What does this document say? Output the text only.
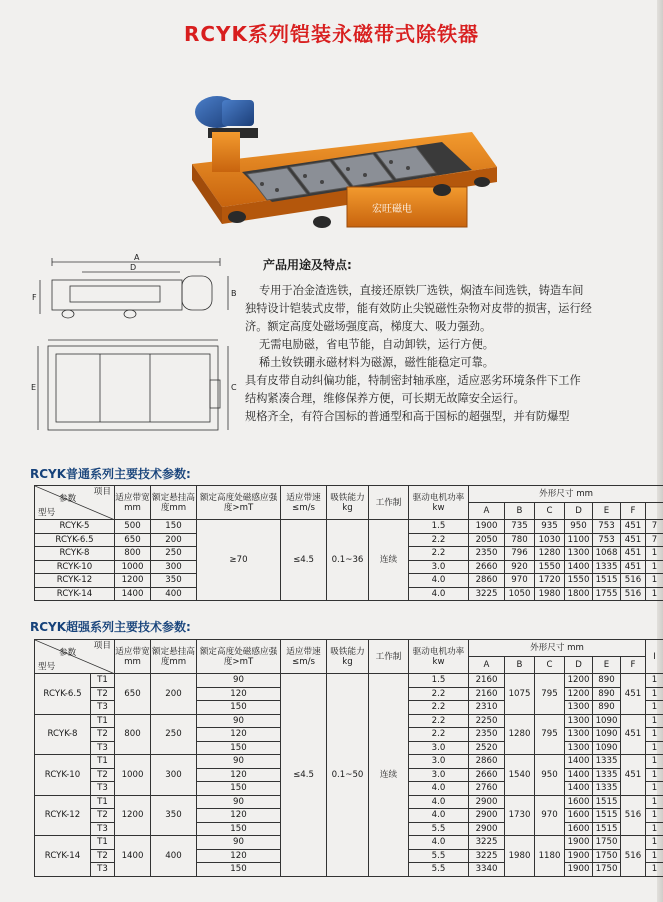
RCYK系列铠装永磁带式除铁器
宏旺磁电
A
D
B
F
E	C
产品用途及特点:

专用于冶金渣选铁，直接还原铁厂选铁，焖渣车间选铁，铸造车间

独特设计铠装式皮带，能有效防止尖锐磁性杂物对皮带的损害，运行经

济。额定高度处磁场强度高，梯度大、吸力强劲。

无需电励磁，省电节能，自动卸铁，运行方便。

稀土钕铁硼永磁材料为磁源，磁性能稳定可靠。

具有皮带自动纠偏功能，特制密封轴承座，适应恶劣环境条件下工作

结构紧凑合理，维修保养方便，可长期无故障安全运行。

规格齐全，有符合国标的普通型和高于国标的超强型，并有防爆型

RCYK普通系列主要技术参数:
项目
参数
型号	适应带宽mm	额定悬挂高度mm	额定高度处磁感应强度>mT	适应带速≤m/s	吸铁能力kg	工作制	驱动电机功率kw	外形尺寸 mm						
								A	B	C	D	E	F	
RCYK-5	500	150	≥70	≤4.5	0.1~36	连续	1.5	1900	735	935	950	753	451	7
RCYK-6.5	650	200					2.2	2050	780	1030	1100	753	451	7
RCYK-8	800	250					2.2	2350	796	1280	1300	1068	451	1
RCYK-10	1000	300					3.0	2660	920	1550	1400	1335	451	1
RCYK-12	1200	350					4.0	2860	970	1720	1550	1515	516	1
RCYK-14	1400	400					4.0	3225	1050	1980	1800	1755	516	1
RCYK超强系列主要技术参数:
项目
参数
型号		适应带宽mm	额定悬挂高度mm	额定高度处磁感应强度>mT	适应带速≤m/s	吸铁能力kg	工作制	驱动电机功率kw	外形尺寸 mm						I
									A	B	C	D	E	F	
RCYK-6.5	T1	650	200	90	≤4.5	0.1~50	连续	1.5	2160	1075	795	1200	890	451	1
	T2			120				2.2	2160			1200	890		1
	T3			150				2.2	2310			1300	890		1
RCYK-8	T1	800	250	90				2.2	2250	1280	795	1300	1090	451	1
	T2			120				2.2	2350			1300	1090		1
	T3			150				3.0	2520			1300	1090		1
RCYK-10	T1	1000	300	90				3.0	2860	1540	950	1400	1335	451	1
	T2			120				3.0	2660			1400	1335		1
	T3			150				4.0	2760			1400	1335		1
RCYK-12	T1	1200	350	90				4.0	2900	1730	970	1600	1515	516	1
	T2			120				4.0	2900			1600	1515		1
	T3			150				5.5	2900			1600	1515		1
RCYK-14	T1	1400	400	90				4.0	3225	1980	1180	1900	1750	516	1
	T2			120				5.5	3225			1900	1750		1
	T3			150				5.5	3340			1900	1750		1
